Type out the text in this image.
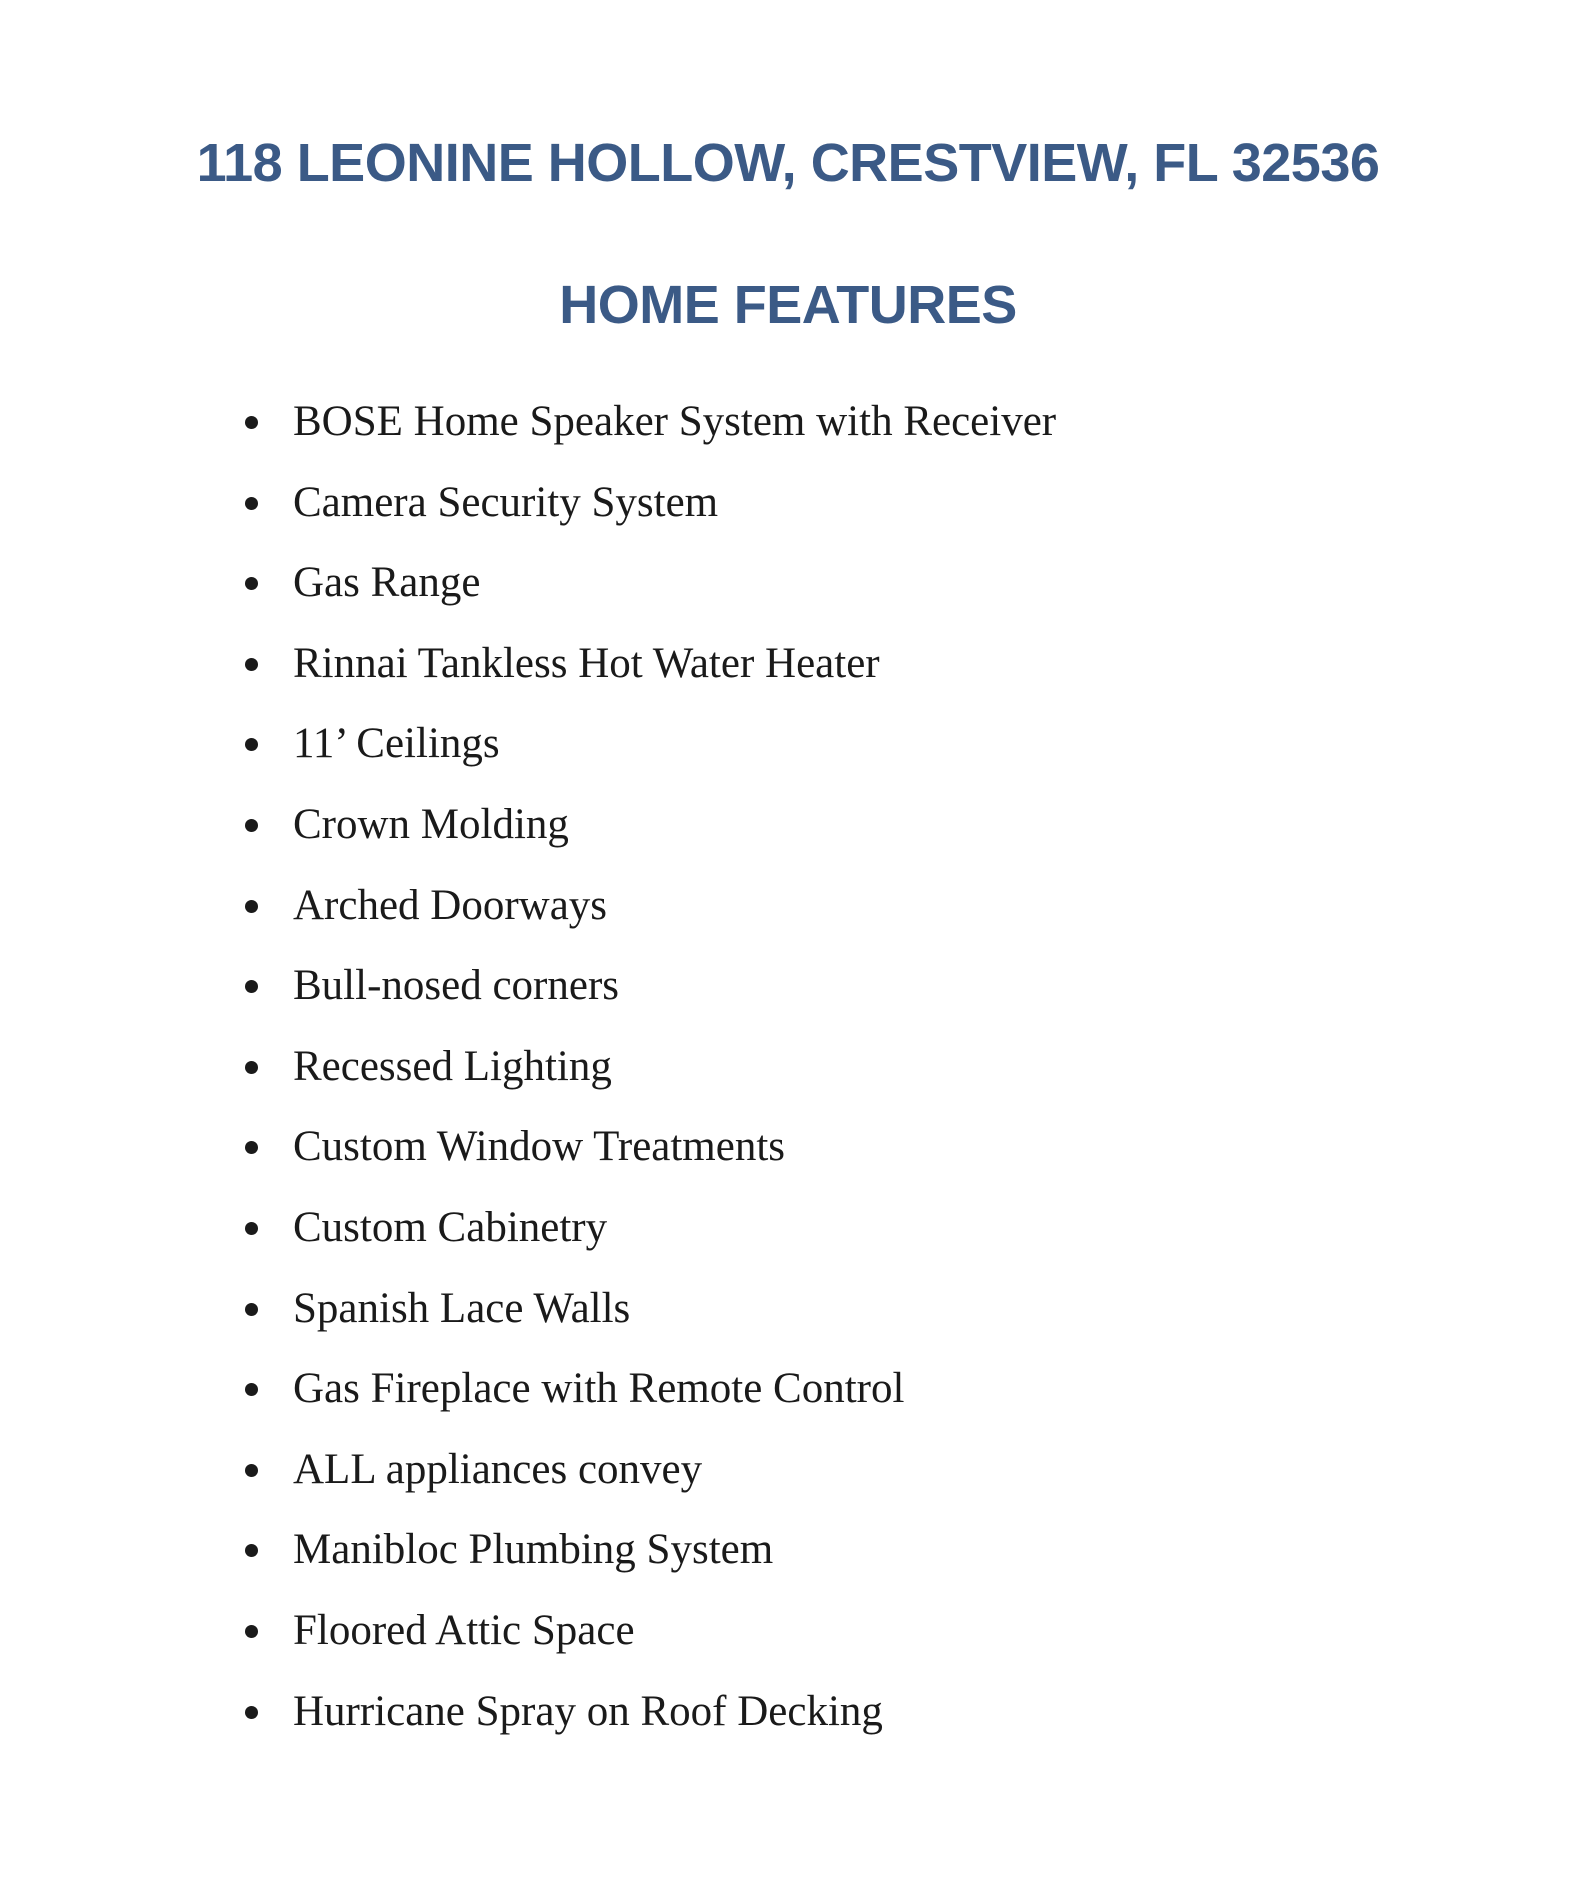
118 LEONINE HOLLOW, CRESTVIEW, FL 32536
HOME FEATURES
BOSE Home Speaker System with Receiver
Camera Security System
Gas Range
Rinnai Tankless Hot Water Heater
11’ Ceilings
Crown Molding
Arched Doorways
Bull-nosed corners
Recessed Lighting
Custom Window Treatments
Custom Cabinetry
Spanish Lace Walls
Gas Fireplace with Remote Control
ALL appliances convey
Manibloc Plumbing System
Floored Attic Space
Hurricane Spray on Roof Decking
